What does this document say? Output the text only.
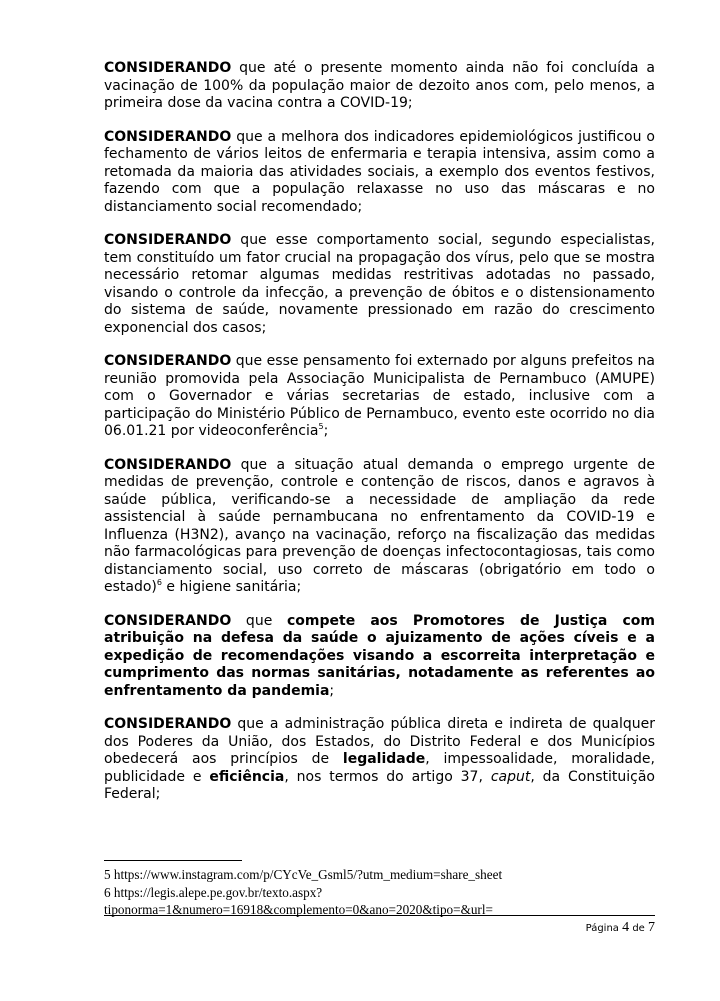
CONSIDERANDO que até o presente momento ainda não foi concluída a vacinação de 100% da população maior de dezoito anos com, pelo menos, a primeira dose da vacina contra a COVID-19;

CONSIDERANDO que a melhora dos indicadores epidemiológicos justificou o fechamento de vários leitos de enfermaria e terapia intensiva, assim como a retomada da maioria das atividades sociais, a exemplo dos eventos festivos, fazendo com que a população relaxasse no uso das máscaras e no distanciamento social recomendado;

CONSIDERANDO que esse comportamento social, segundo especialistas, tem constituído um fator crucial na propagação dos vírus, pelo que se mostra necessário retomar algumas medidas restritivas adotadas no passado, visando o controle da infecção, a prevenção de óbitos e o distensionamento do sistema de saúde, novamente pressionado em razão do crescimento exponencial dos casos;

CONSIDERANDO que esse pensamento foi externado por alguns prefeitos na reunião promovida pela Associação Municipalista de Pernambuco (AMUPE) com o Governador e várias secretarias de estado, inclusive com a participação do Ministério Público de Pernambuco, evento este ocorrido no dia 06.01.21 por videoconferência$^5$;

CONSIDERANDO que a situação atual demanda o emprego urgente de medidas de prevenção, controle e contenção de riscos, danos e agravos à saúde pública, verificando-se a necessidade de ampliação da rede assistencial à saúde pernambucana no enfrentamento da COVID-19 e Influenza (H3N2), avanço na vacinação, reforço na fiscalização das medidas não farmacológicas para prevenção de doenças infectocontagiosas, tais como distanciamento social, uso correto de máscaras (obrigatório em todo o estado)$^6$ e higiene sanitária;

CONSIDERANDO que compete aos Promotores de Justiça com atribuição na defesa da saúde o ajuizamento de ações cíveis e a expedição de recomendações visando a escorreita interpretação e cumprimento das normas sanitárias, notadamente as referentes ao enfrentamento da pandemia;

CONSIDERANDO que a administração pública direta e indireta de qualquer dos Poderes da União, dos Estados, do Distrito Federal e dos Municípios obedecerá aos princípios de legalidade, impessoalidade, moralidade, publicidade e eficiência, nos termos do artigo 37, caput, da Constituição Federal;

5 https://www.instagram.com/p/CYcVe_Gsml5/?utm_medium=share_sheet
6 https://legis.alepe.pe.gov.br/texto.aspx?
tiponorma=1&numero=16918&complemento=0&ano=2020&tipo=&url=
Página 4 de 7
